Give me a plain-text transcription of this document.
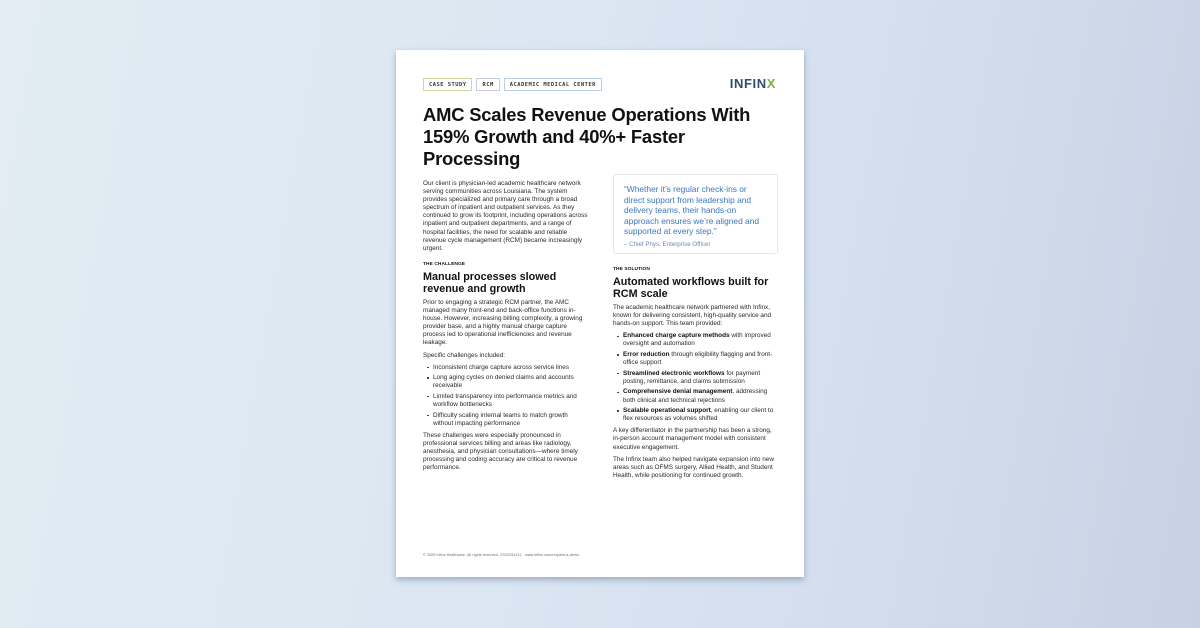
CASE STUDY	RCM	ACADEMIC MEDICAL CENTER	INFINX
AMC Scales Revenue Operations With 159% Growth and 40%+ Faster Processing

Our client is physician-led academic healthcare network serving communities across Louisiana. The system provides specialized and primary care through a broad spectrum of inpatient and outpatient services. As they continued to grow its footprint, including operations across inpatient and outpatient departments, and a range of hospital facilities, the need for scalable and reliable revenue cycle management (RCM) became increasingly urgent.

THE CHALLENGE
Manual processes slowed revenue and growth

Prior to engaging a strategic RCM partner, the AMC managed many front-end and back-office functions in-house. However, increasing billing complexity, a growing provider base, and a highly manual charge capture process led to operational inefficiencies and revenue leakage.

Specific challenges included:

Inconsistent charge capture across service lines
Long aging cycles on denied claims and accounts receivable
Limited transparency into performance metrics and workflow bottlenecks
Difficulty scaling internal teams to match growth without impacting performance

These challenges were especially pronounced in professional services billing and areas like radiology, anesthesia, and physician consultations—where timely processing and coding accuracy are critical to revenue performance.

“Whether it’s regular check-ins or direct support from leadership and delivery teams, their hands-on approach ensures we’re aligned and supported at every step.”
– Chief Phys. Enterprise Officer
THE SOLUTION
Automated workflows built for RCM scale

The academic healthcare network partnered with Infinx, known for delivering consistent, high-quality service and hands-on support. This team provided:

Enhanced charge capture methods with improved oversight and automation
Error reduction through eligibility flagging and front-office support
Streamlined electronic workflows for payment posting, remittance, and claims submission
Comprehensive denial management, addressing both clinical and technical rejections
Scalable operational support, enabling our client to flex resources as volumes shifted

A key differentiator in the partnership has been a strong, in-person account management model with consistent executive engagement.

The Infinx team also helped navigate expansion into new areas such as OFMS surgery, Allied Health, and Student Health, while positioning for continued growth.

© 2025 Infinx Healthcare. All rights reserved. CS20251131 · www.infinx.com/request-a-demo
